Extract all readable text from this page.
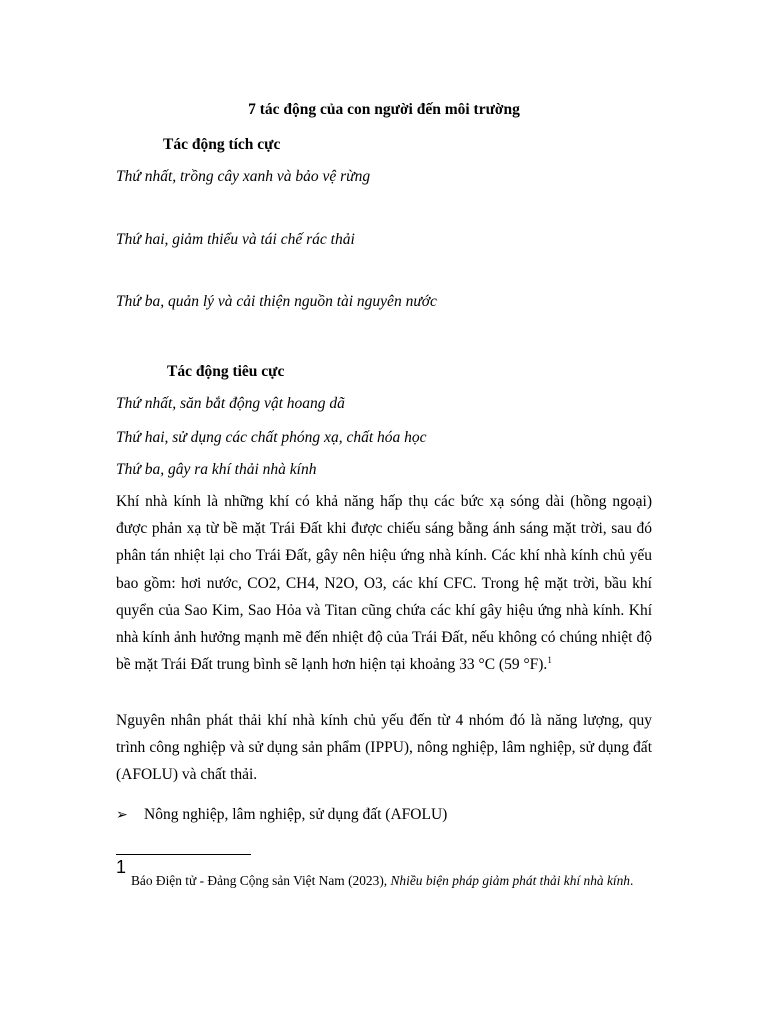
7 tác động của con người đến môi trường
Tác động tích cực
Thứ nhất, trồng cây xanh và bảo vệ rừng
Thứ hai, giảm thiểu và tái chế rác thải
Thứ ba, quản lý và cải thiện nguồn tài nguyên nước
Tác động tiêu cực
Thứ nhất, săn bắt động vật hoang dã
Thứ hai, sử dụng các chất phóng xạ, chất hóa học
Thứ ba, gây ra khí thải nhà kính

Khí nhà kính là những khí có khả năng hấp thụ các bức xạ sóng dài (hồng ngoại) được phản xạ từ bề mặt Trái Đất khi được chiếu sáng bằng ánh sáng mặt trời, sau đó phân tán nhiệt lại cho Trái Đất, gây nên hiệu ứng nhà kính. Các khí nhà kính chủ yếu bao gồm: hơi nước, CO2, CH4, N2O, O3, các khí CFC. Trong hệ mặt trời, bầu khí quyển của Sao Kim, Sao Hỏa và Titan cũng chứa các khí gây hiệu ứng nhà kính. Khí nhà kính ảnh hưởng mạnh mẽ đến nhiệt độ của Trái Đất, nếu không có chúng nhiệt độ bề mặt Trái Đất trung bình sẽ lạnh hơn hiện tại khoảng 33 °C (59 °F).$^1$

Nguyên nhân phát thải khí nhà kính chủ yếu đến từ 4 nhóm đó là năng lượng, quy trình công nghiệp và sử dụng sản phẩm (IPPU), nông nghiệp, lâm nghiệp, sử dụng đất (AFOLU) và chất thải.

➢	Nông nghiệp, lâm nghiệp, sử dụng đất (AFOLU)
1

Báo Điện tử - Đảng Cộng sản Việt Nam (2023), Nhiều biện pháp giảm phát thải khí nhà kính.
